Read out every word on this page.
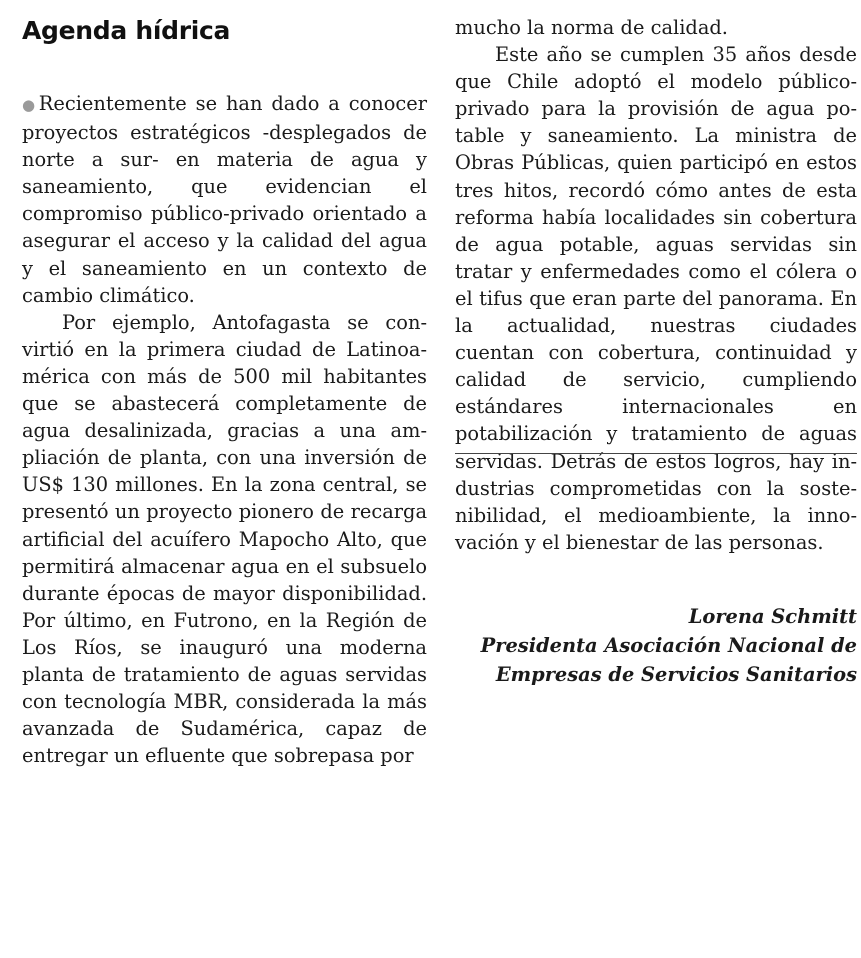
Agenda hídrica

●Recientemente se han dado a conocer proyectos estratégicos -desplegados de norte a sur- en materia de agua y saneamiento, que evidencian el compromiso público-privado orientado a asegurar el acceso y la calidad del agua y el saneamiento en un contexto de cambio climático.

Por ejemplo, Antofagasta se convirtió en la primera ciudad de Latinoamérica con más de 500 mil habitantes que se abastecerá completamente de agua desalinizada, gracias a una ampliación de planta, con una inversión de US$ 130 millones. En la zona central, se presentó un proyecto pionero de recarga artificial del acuífero Mapocho Alto, que permitirá almacenar agua en el subsuelo durante épocas de mayor disponibilidad. Por último, en Futrono, en la Región de Los Ríos, se inauguró una moderna planta de tratamiento de aguas servidas con tecnología MBR, considerada la más avanzada de Sudamérica, capaz de entregar un efluente que sobrepasa por

mucho la norma de calidad.

Este año se cumplen 35 años desde que Chile adoptó el modelo público-privado para la provisión de agua potable y saneamiento. La ministra de Obras Públicas, quien participó en estos tres hitos, recordó cómo antes de esta reforma había localidades sin cobertura de agua potable, aguas servidas sin tratar y enfermedades como el cólera o el tifus que eran parte del panorama. En la actualidad, nuestras ciudades cuentan con cobertura, continuidad y calidad de servicio, cumpliendo estándares internacionales en potabilización y tratamiento de aguas servidas. Detrás de estos logros, hay industrias comprometidas con la sostenibilidad, el medioambiente, la innovación y el bienestar de las personas.

Lorena Schmitt
Presidenta Asociación Nacional de
Empresas de Servicios Sanitarios
